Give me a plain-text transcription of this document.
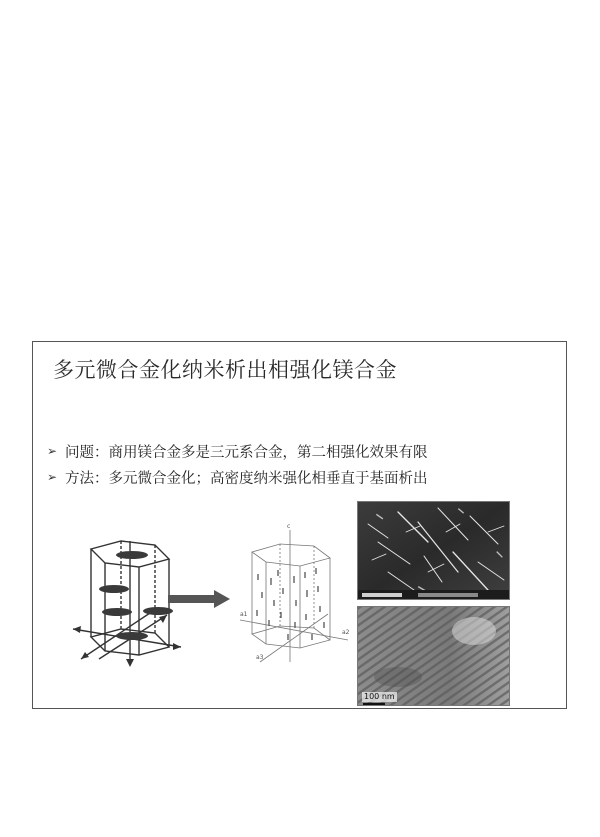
多元微合金化纳米析出相强化镁合金
➢ 问题：商用镁合金多是三元系合金，第二相强化效果有限
➢ 方法：多元微合金化；高密度纳米强化相垂直于基面析出
c
a1
a2
a3
100 nm
